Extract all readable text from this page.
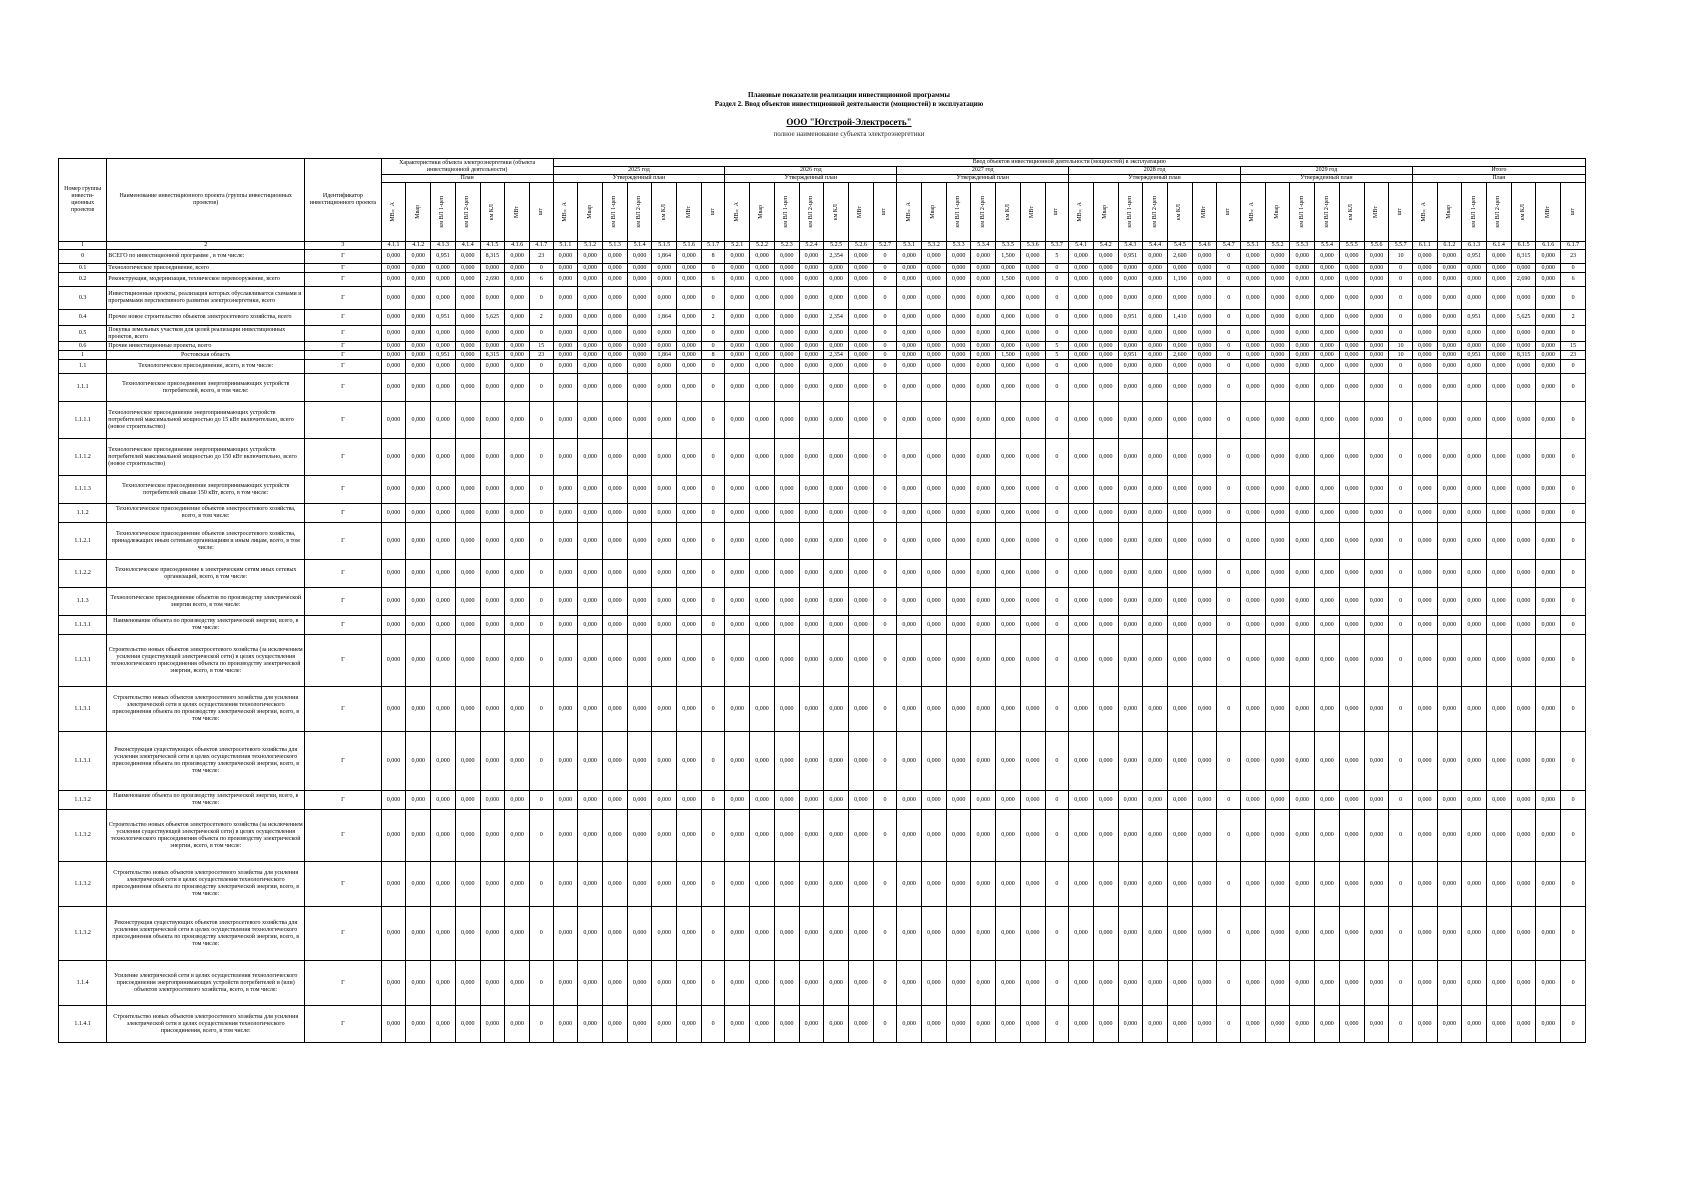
Плановые показатели реализации инвестиционной программы
Раздел 2. Ввод объектов инвестиционной деятельности (мощностей) в эксплуатацию
ООО "Югстрой-Электросеть"
полное наименование субъекта электроэнергетики
Номер группы инвести-ционных проектов	Наименование инвестиционного проекта (группы инвестиционных проектов)	Идентификатор инвестиционного проекта	Характеристики объекта электроэнергетики (объекта инвестиционной деятельности)							Ввод объектов инвестиционной деятельности (мощностей) в эксплуатацию																																									
										2025 год							2026 год							2027 год							2028 год							2029 год							Итого						
			План							Утвержденный план							Утвержденный план							Утвержденный план							Утвержденный план							Утвержденный план							План						

			МВ×А	Мвар	км ВЛ 1-цеп	км ВЛ 2-цеп	км КЛ	МВт	шт	МВ×А	Мвар	км ВЛ 1-цеп	км ВЛ 2-цеп	км КЛ	МВт	шт	МВ×А	Мвар	км ВЛ 1-цеп	км ВЛ 2-цеп	км КЛ	МВт	шт	МВ×А	Мвар	км ВЛ 1-цеп	км ВЛ 2-цеп	км КЛ	МВт	шт	МВ×А	Мвар	км ВЛ 1-цеп	км ВЛ 2-цеп	км КЛ	МВт	шт	МВ×А	Мвар	км ВЛ 1-цеп	км ВЛ 2-цеп	км КЛ	МВт	шт	МВ×А	Мвар	км ВЛ 1-цеп	км ВЛ 2-цеп	км КЛ	МВт	шт

1	2	3	4.1.1	4.1.2	4.1.3	4.1.4	4.1.5	4.1.6	4.1.7	5.1.1	5.1.2	5.1.3	5.1.4	5.1.5	5.1.6	5.1.7	5.2.1	5.2.2	5.2.3	5.2.4	5.2.5	5.2.6	5.2.7	5.3.1	5.3.2	5.3.3	5.3.4	5.3.5	5.3.6	5.3.7	5.4.1	5.4.2	5.4.3	5.4.4	5.4.5	5.4.6	5.4.7	5.5.1	5.5.2	5.5.3	5.5.4	5.5.5	5.5.6	5.5.7	6.1.1	6.1.2	6.1.3	6.1.4	6.1.5	6.1.6	6.1.7
0	ВСЕГО по инвестиционной программе , в том числе:	Г	0,000	0,000	0,951	0,000	8,315	0,000	23	0,000	0,000	0,000	0,000	1,864	0,000	8	0,000	0,000	0,000	0,000	2,354	0,000	0	0,000	0,000	0,000	0,000	1,500	0,000	5	0,000	0,000	0,951	0,000	2,600	0,000	0	0,000	0,000	0,000	0,000	0,000	0,000	10	0,000	0,000	0,951	0,000	8,315	0,000	23
0.1	Технологическое присоединение, всего	Г	0,000	0,000	0,000	0,000	0,000	0,000	0	0,000	0,000	0,000	0,000	0,000	0,000	0	0,000	0,000	0,000	0,000	0,000	0,000	0	0,000	0,000	0,000	0,000	0,000	0,000	0	0,000	0,000	0,000	0,000	0,000	0,000	0	0,000	0,000	0,000	0,000	0,000	0,000	0	0,000	0,000	0,000	0,000	0,000	0,000	0
0.2	Реконструкция, модернизация, техническое перевооружение, всего	Г	0,000	0,000	0,000	0,000	2,690	0,000	6	0,000	0,000	0,000	0,000	0,000	0,000	6	0,000	0,000	0,000	0,000	0,000	0,000	0	0,000	0,000	0,000	0,000	1,500	0,000	0	0,000	0,000	0,000	0,000	1,190	0,000	0	0,000	0,000	0,000	0,000	0,000	0,000	0	0,000	0,000	0,000	0,000	2,690	0,000	6
0.3	Инвестиционные проекты, реализация которых обуславливается схемами и программами перспективного развития электроэнергетики, всего	Г	0,000	0,000	0,000	0,000	0,000	0,000	0	0,000	0,000	0,000	0,000	0,000	0,000	0	0,000	0,000	0,000	0,000	0,000	0,000	0	0,000	0,000	0,000	0,000	0,000	0,000	0	0,000	0,000	0,000	0,000	0,000	0,000	0	0,000	0,000	0,000	0,000	0,000	0,000	0	0,000	0,000	0,000	0,000	0,000	0,000	0
0.4	Прочее новое строительство объектов электросетевого хозяйства, всего	Г	0,000	0,000	0,951	0,000	5,625	0,000	2	0,000	0,000	0,000	0,000	1,864	0,000	2	0,000	0,000	0,000	0,000	2,354	0,000	0	0,000	0,000	0,000	0,000	0,000	0,000	0	0,000	0,000	0,951	0,000	1,410	0,000	0	0,000	0,000	0,000	0,000	0,000	0,000	0	0,000	0,000	0,951	0,000	5,625	0,000	2
0.5	Покупка земельных участков для целей реализации инвестиционных проектов, всего	Г	0,000	0,000	0,000	0,000	0,000	0,000	0	0,000	0,000	0,000	0,000	0,000	0,000	0	0,000	0,000	0,000	0,000	0,000	0,000	0	0,000	0,000	0,000	0,000	0,000	0,000	0	0,000	0,000	0,000	0,000	0,000	0,000	0	0,000	0,000	0,000	0,000	0,000	0,000	0	0,000	0,000	0,000	0,000	0,000	0,000	0
0.6	Прочие инвестиционные проекты, всего	Г	0,000	0,000	0,000	0,000	0,000	0,000	15	0,000	0,000	0,000	0,000	0,000	0,000	0	0,000	0,000	0,000	0,000	0,000	0,000	0	0,000	0,000	0,000	0,000	0,000	0,000	5	0,000	0,000	0,000	0,000	0,000	0,000	0	0,000	0,000	0,000	0,000	0,000	0,000	10	0,000	0,000	0,000	0,000	0,000	0,000	15
1	Ростовская область	Г	0,000	0,000	0,951	0,000	8,315	0,000	23	0,000	0,000	0,000	0,000	1,864	0,000	8	0,000	0,000	0,000	0,000	2,354	0,000	0	0,000	0,000	0,000	0,000	1,500	0,000	5	0,000	0,000	0,951	0,000	2,600	0,000	0	0,000	0,000	0,000	0,000	0,000	0,000	10	0,000	0,000	0,951	0,000	8,315	0,000	23
1.1	Технологическое присоединение, всего, в том числе:	Г	0,000	0,000	0,000	0,000	0,000	0,000	0	0,000	0,000	0,000	0,000	0,000	0,000	0	0,000	0,000	0,000	0,000	0,000	0,000	0	0,000	0,000	0,000	0,000	0,000	0,000	0	0,000	0,000	0,000	0,000	0,000	0,000	0	0,000	0,000	0,000	0,000	0,000	0,000	0	0,000	0,000	0,000	0,000	0,000	0,000	0
1.1.1	Технологическое присоединение энергопринимающих устройств потребителей, всего, в том числе:	Г	0,000	0,000	0,000	0,000	0,000	0,000	0	0,000	0,000	0,000	0,000	0,000	0,000	0	0,000	0,000	0,000	0,000	0,000	0,000	0	0,000	0,000	0,000	0,000	0,000	0,000	0	0,000	0,000	0,000	0,000	0,000	0,000	0	0,000	0,000	0,000	0,000	0,000	0,000	0	0,000	0,000	0,000	0,000	0,000	0,000	0
1.1.1.1	Технологическое присоединение энергопринимающих устройств потребителей максимальной мощностью до 15 кВт включительно, всего (новое строительство)	Г	0,000	0,000	0,000	0,000	0,000	0,000	0	0,000	0,000	0,000	0,000	0,000	0,000	0	0,000	0,000	0,000	0,000	0,000	0,000	0	0,000	0,000	0,000	0,000	0,000	0,000	0	0,000	0,000	0,000	0,000	0,000	0,000	0	0,000	0,000	0,000	0,000	0,000	0,000	0	0,000	0,000	0,000	0,000	0,000	0,000	0
1.1.1.2	Технологическое присоединение энергопринимающих устройств потребителей максимальной мощностью до 150 кВт включительно, всего (новое строительство)	Г	0,000	0,000	0,000	0,000	0,000	0,000	0	0,000	0,000	0,000	0,000	0,000	0,000	0	0,000	0,000	0,000	0,000	0,000	0,000	0	0,000	0,000	0,000	0,000	0,000	0,000	0	0,000	0,000	0,000	0,000	0,000	0,000	0	0,000	0,000	0,000	0,000	0,000	0,000	0	0,000	0,000	0,000	0,000	0,000	0,000	0
1.1.1.3	Технологическое присоединение энергопринимающих устройств потребителей свыше 150 кВт, всего, в том числе:	Г	0,000	0,000	0,000	0,000	0,000	0,000	0	0,000	0,000	0,000	0,000	0,000	0,000	0	0,000	0,000	0,000	0,000	0,000	0,000	0	0,000	0,000	0,000	0,000	0,000	0,000	0	0,000	0,000	0,000	0,000	0,000	0,000	0	0,000	0,000	0,000	0,000	0,000	0,000	0	0,000	0,000	0,000	0,000	0,000	0,000	0
1.1.2	Технологическое присоединение объектов электросетевого хозяйства, всего, в том числе:	Г	0,000	0,000	0,000	0,000	0,000	0,000	0	0,000	0,000	0,000	0,000	0,000	0,000	0	0,000	0,000	0,000	0,000	0,000	0,000	0	0,000	0,000	0,000	0,000	0,000	0,000	0	0,000	0,000	0,000	0,000	0,000	0,000	0	0,000	0,000	0,000	0,000	0,000	0,000	0	0,000	0,000	0,000	0,000	0,000	0,000	0
1.1.2.1	Технологическое присоединение объектов электросетевого хозяйства, принадлежащих иным сетевым организациям и иным лицам, всего, в том числе:	Г	0,000	0,000	0,000	0,000	0,000	0,000	0	0,000	0,000	0,000	0,000	0,000	0,000	0	0,000	0,000	0,000	0,000	0,000	0,000	0	0,000	0,000	0,000	0,000	0,000	0,000	0	0,000	0,000	0,000	0,000	0,000	0,000	0	0,000	0,000	0,000	0,000	0,000	0,000	0	0,000	0,000	0,000	0,000	0,000	0,000	0
1.1.2.2	Технологическое присоединение к электрическим сетям иных сетевых организаций, всего, в том числе:	Г	0,000	0,000	0,000	0,000	0,000	0,000	0	0,000	0,000	0,000	0,000	0,000	0,000	0	0,000	0,000	0,000	0,000	0,000	0,000	0	0,000	0,000	0,000	0,000	0,000	0,000	0	0,000	0,000	0,000	0,000	0,000	0,000	0	0,000	0,000	0,000	0,000	0,000	0,000	0	0,000	0,000	0,000	0,000	0,000	0,000	0
1.1.3	Технологическое присоединение объектов по производству электрической энергии всего, в том числе:	Г	0,000	0,000	0,000	0,000	0,000	0,000	0	0,000	0,000	0,000	0,000	0,000	0,000	0	0,000	0,000	0,000	0,000	0,000	0,000	0	0,000	0,000	0,000	0,000	0,000	0,000	0	0,000	0,000	0,000	0,000	0,000	0,000	0	0,000	0,000	0,000	0,000	0,000	0,000	0	0,000	0,000	0,000	0,000	0,000	0,000	0
1.1.3.1	Наименование объекта по производству электрической энергии, всего, в том числе:	Г	0,000	0,000	0,000	0,000	0,000	0,000	0	0,000	0,000	0,000	0,000	0,000	0,000	0	0,000	0,000	0,000	0,000	0,000	0,000	0	0,000	0,000	0,000	0,000	0,000	0,000	0	0,000	0,000	0,000	0,000	0,000	0,000	0	0,000	0,000	0,000	0,000	0,000	0,000	0	0,000	0,000	0,000	0,000	0,000	0,000	0
1.1.3.1	Строительство новых объектов электросетевого хозяйства (за исключением усиления существующей электрической сети) в целях осуществления технологического присоединения объекта по производству электрической энергии, всего, в том числе:	Г	0,000	0,000	0,000	0,000	0,000	0,000	0	0,000	0,000	0,000	0,000	0,000	0,000	0	0,000	0,000	0,000	0,000	0,000	0,000	0	0,000	0,000	0,000	0,000	0,000	0,000	0	0,000	0,000	0,000	0,000	0,000	0,000	0	0,000	0,000	0,000	0,000	0,000	0,000	0	0,000	0,000	0,000	0,000	0,000	0,000	0
1.1.3.1	Строительство новых объектов электросетевого хозяйства для усиления электрической сети в целях осуществления технологического присоединения объекта по производству электрической энергии, всего, в том числе:	Г	0,000	0,000	0,000	0,000	0,000	0,000	0	0,000	0,000	0,000	0,000	0,000	0,000	0	0,000	0,000	0,000	0,000	0,000	0,000	0	0,000	0,000	0,000	0,000	0,000	0,000	0	0,000	0,000	0,000	0,000	0,000	0,000	0	0,000	0,000	0,000	0,000	0,000	0,000	0	0,000	0,000	0,000	0,000	0,000	0,000	0
1.1.3.1	Реконструкция существующих объектов электросетевого хозяйства для усиления электрической сети в целях осуществления технологического присоединения объекта по производству электрической энергии, всего, в том числе:	Г	0,000	0,000	0,000	0,000	0,000	0,000	0	0,000	0,000	0,000	0,000	0,000	0,000	0	0,000	0,000	0,000	0,000	0,000	0,000	0	0,000	0,000	0,000	0,000	0,000	0,000	0	0,000	0,000	0,000	0,000	0,000	0,000	0	0,000	0,000	0,000	0,000	0,000	0,000	0	0,000	0,000	0,000	0,000	0,000	0,000	0
1.1.3.2	Наименование объекта по производству электрической энергии, всего, в том числе:	Г	0,000	0,000	0,000	0,000	0,000	0,000	0	0,000	0,000	0,000	0,000	0,000	0,000	0	0,000	0,000	0,000	0,000	0,000	0,000	0	0,000	0,000	0,000	0,000	0,000	0,000	0	0,000	0,000	0,000	0,000	0,000	0,000	0	0,000	0,000	0,000	0,000	0,000	0,000	0	0,000	0,000	0,000	0,000	0,000	0,000	0
1.1.3.2	Строительство новых объектов электросетевого хозяйства (за исключением усиления существующей электрической сети) в целях осуществления технологического присоединения объекта по производству электрической энергии, всего, в том числе:	Г	0,000	0,000	0,000	0,000	0,000	0,000	0	0,000	0,000	0,000	0,000	0,000	0,000	0	0,000	0,000	0,000	0,000	0,000	0,000	0	0,000	0,000	0,000	0,000	0,000	0,000	0	0,000	0,000	0,000	0,000	0,000	0,000	0	0,000	0,000	0,000	0,000	0,000	0,000	0	0,000	0,000	0,000	0,000	0,000	0,000	0
1.1.3.2	Строительство новых объектов электросетевого хозяйства для усиления электрической сети в целях осуществления технологического присоединения объекта по производству электрической энергии, всего, в том числе:	Г	0,000	0,000	0,000	0,000	0,000	0,000	0	0,000	0,000	0,000	0,000	0,000	0,000	0	0,000	0,000	0,000	0,000	0,000	0,000	0	0,000	0,000	0,000	0,000	0,000	0,000	0	0,000	0,000	0,000	0,000	0,000	0,000	0	0,000	0,000	0,000	0,000	0,000	0,000	0	0,000	0,000	0,000	0,000	0,000	0,000	0
1.1.3.2	Реконструкция существующих объектов электросетевого хозяйства для усиления электрической сети в целях осуществления технологического присоединения объекта по производству электрической энергии, всего, в том числе:	Г	0,000	0,000	0,000	0,000	0,000	0,000	0	0,000	0,000	0,000	0,000	0,000	0,000	0	0,000	0,000	0,000	0,000	0,000	0,000	0	0,000	0,000	0,000	0,000	0,000	0,000	0	0,000	0,000	0,000	0,000	0,000	0,000	0	0,000	0,000	0,000	0,000	0,000	0,000	0	0,000	0,000	0,000	0,000	0,000	0,000	0
1.1.4	Усиление электрической сети в целях осуществления технологического присоединения энергопринимающих устройств потребителей и (или) объектов электросетевого хозяйства, всего, в том числе:	Г	0,000	0,000	0,000	0,000	0,000	0,000	0	0,000	0,000	0,000	0,000	0,000	0,000	0	0,000	0,000	0,000	0,000	0,000	0,000	0	0,000	0,000	0,000	0,000	0,000	0,000	0	0,000	0,000	0,000	0,000	0,000	0,000	0	0,000	0,000	0,000	0,000	0,000	0,000	0	0,000	0,000	0,000	0,000	0,000	0,000	0
1.1.4.1	Строительство новых объектов электросетевого хозяйства для усиления электрической сети в целях осуществления технологического присоединения, всего, в том числе:	Г	0,000	0,000	0,000	0,000	0,000	0,000	0	0,000	0,000	0,000	0,000	0,000	0,000	0	0,000	0,000	0,000	0,000	0,000	0,000	0	0,000	0,000	0,000	0,000	0,000	0,000	0	0,000	0,000	0,000	0,000	0,000	0,000	0	0,000	0,000	0,000	0,000	0,000	0,000	0	0,000	0,000	0,000	0,000	0,000	0,000	0
